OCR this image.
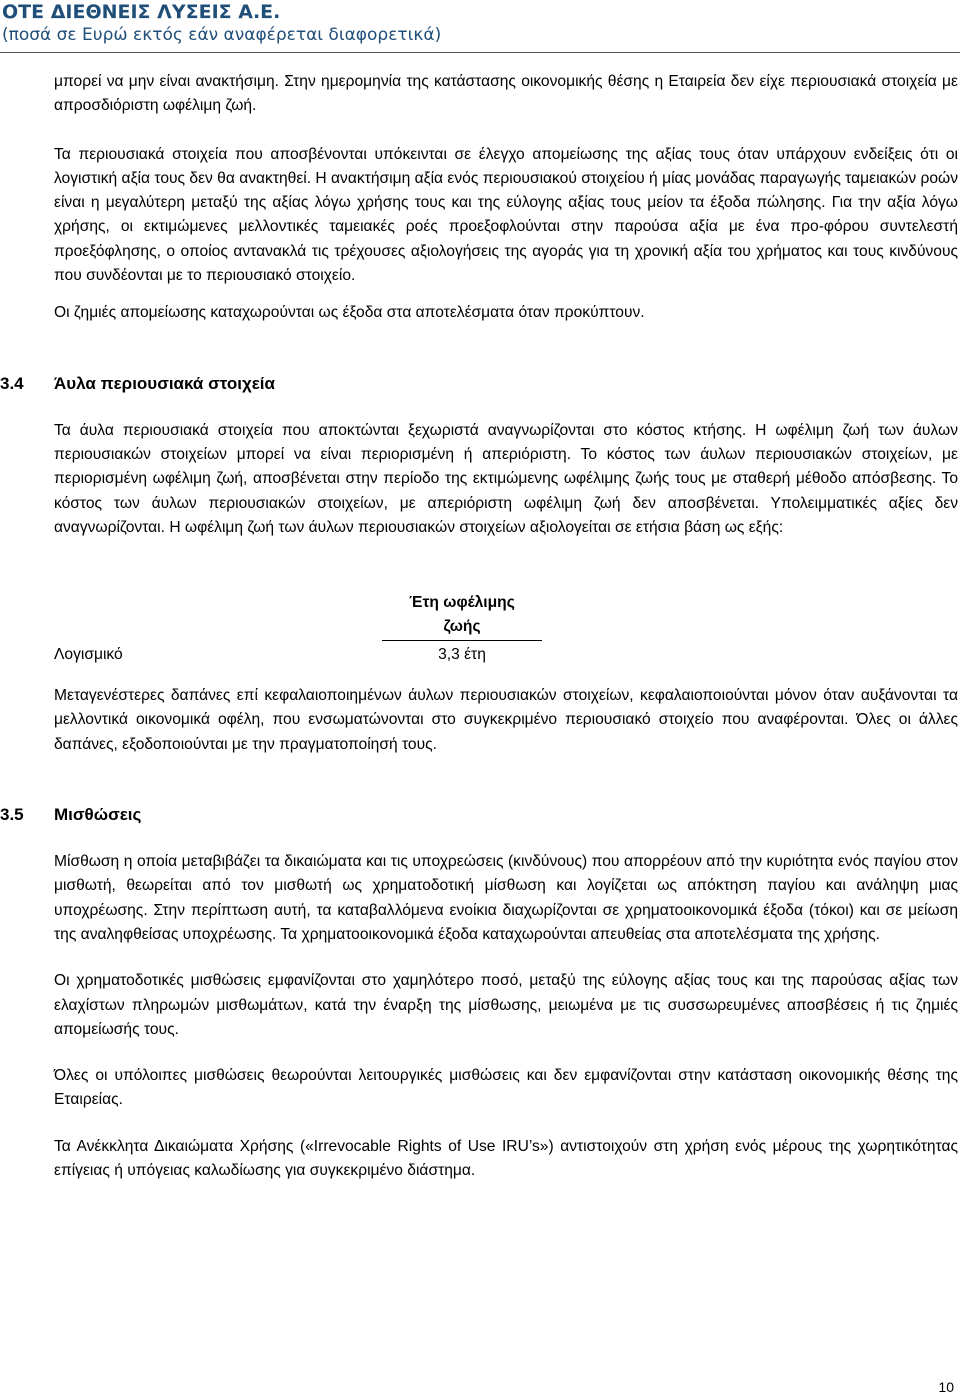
ΟΤΕ ΔΙΕΘΝΕΙΣ ΛΥΣΕΙΣ Α.Ε.
(ποσά σε Ευρώ εκτός εάν αναφέρεται διαφορετικά)

μπορεί να μην είναι ανακτήσιμη. Στην ημερομηνία της κατάστασης οικονομικής θέσης η Εταιρεία δεν είχε περιουσιακά στοιχεία με απροσδιόριστη ωφέλιμη ζωή.

Τα περιουσιακά στοιχεία που αποσβένονται υπόκεινται σε έλεγχο απομείωσης της αξίας τους όταν υπάρχουν ενδείξεις ότι οι λογιστική αξία τους δεν θα ανακτηθεί. Η ανακτήσιμη αξία ενός περιουσιακού στοιχείου ή μίας μονάδας παραγωγής ταμειακών ροών είναι η μεγαλύτερη μεταξύ της αξίας λόγω χρήσης τους και της εύλογης αξίας τους μείον τα έξοδα πώλησης. Για την αξία λόγω χρήσης, οι εκτιμώμενες μελλοντικές ταμειακές ροές προεξοφλούνται στην παρούσα αξία με ένα προ-φόρου συντελεστή προεξόφλησης, ο οποίος αντανακλά τις τρέχουσες αξιολογήσεις της αγοράς για τη χρονική αξία του χρήματος και τους κινδύνους που συνδέονται με το περιουσιακό στοιχείο.

Οι ζημιές απομείωσης καταχωρούνται ως έξοδα στα αποτελέσματα όταν προκύπτουν.

3.4	Άυλα περιουσιακά στοιχεία

Τα άυλα περιουσιακά στοιχεία που αποκτώνται ξεχωριστά αναγνωρίζονται στο κόστος κτήσης. Η ωφέλιμη ζωή των άυλων περιουσιακών στοιχείων μπορεί να είναι περιορισμένη ή απεριόριστη. Το κόστος των άυλων περιουσιακών στοιχείων, με περιορισμένη ωφέλιμη ζωή, αποσβένεται στην περίοδο της εκτιμώμενης ωφέλιμης ζωής τους με σταθερή μέθοδο απόσβεσης. Το κόστος των άυλων περιουσιακών στοιχείων, με απεριόριστη ωφέλιμη ζωή δεν αποσβένεται. Υπολειμματικές αξίες δεν αναγνωρίζονται. Η ωφέλιμη ζωή των άυλων περιουσιακών στοιχείων αξιολογείται σε ετήσια βάση ως εξής:

Έτη ωφέλιμης
ζωής
Λογισμικό	3,3 έτη

Μεταγενέστερες δαπάνες επί κεφαλαιοποιημένων άυλων περιουσιακών στοιχείων, κεφαλαιοποιούνται μόνον όταν αυξάνονται τα μελλοντικά οικονομικά οφέλη, που ενσωματώνονται στο συγκεκριμένο περιουσιακό στοιχείο που αναφέρονται. Όλες οι άλλες δαπάνες, εξοδοποιούνται με την πραγματοποίησή τους.

3.5	Μισθώσεις

Μίσθωση η οποία μεταβιβάζει τα δικαιώματα και τις υποχρεώσεις (κινδύνους) που απορρέουν από την κυριότητα ενός παγίου στον μισθωτή, θεωρείται από τον μισθωτή ως χρηματοδοτική μίσθωση και λογίζεται ως απόκτηση παγίου και ανάληψη μιας υποχρέωσης. Στην περίπτωση αυτή, τα καταβαλλόμενα ενοίκια διαχωρίζονται σε χρηματοοικονομικά έξοδα (τόκοι) και σε μείωση της αναληφθείσας υποχρέωσης. Τα χρηματοοικονομικά έξοδα καταχωρούνται απευθείας στα αποτελέσματα της χρήσης.

Οι χρηματοδοτικές μισθώσεις εμφανίζονται στο χαμηλότερο ποσό, μεταξύ της εύλογης αξίας τους και της παρούσας αξίας των ελαχίστων πληρωμών μισθωμάτων, κατά την έναρξη της μίσθωσης, μειωμένα με τις συσσωρευμένες αποσβέσεις ή τις ζημιές απομείωσής τους.

Όλες οι υπόλοιπες μισθώσεις θεωρούνται λειτουργικές μισθώσεις και δεν εμφανίζονται στην κατάσταση οικονομικής θέσης της Εταιρείας.

Τα Ανέκκλητα Δικαιώματα Χρήσης («Irrevocable Rights of Use IRU’s») αντιστοιχούν στη χρήση ενός μέρους της χωρητικότητας επίγειας ή υπόγειας καλωδίωσης για συγκεκριμένο διάστημα.

10
